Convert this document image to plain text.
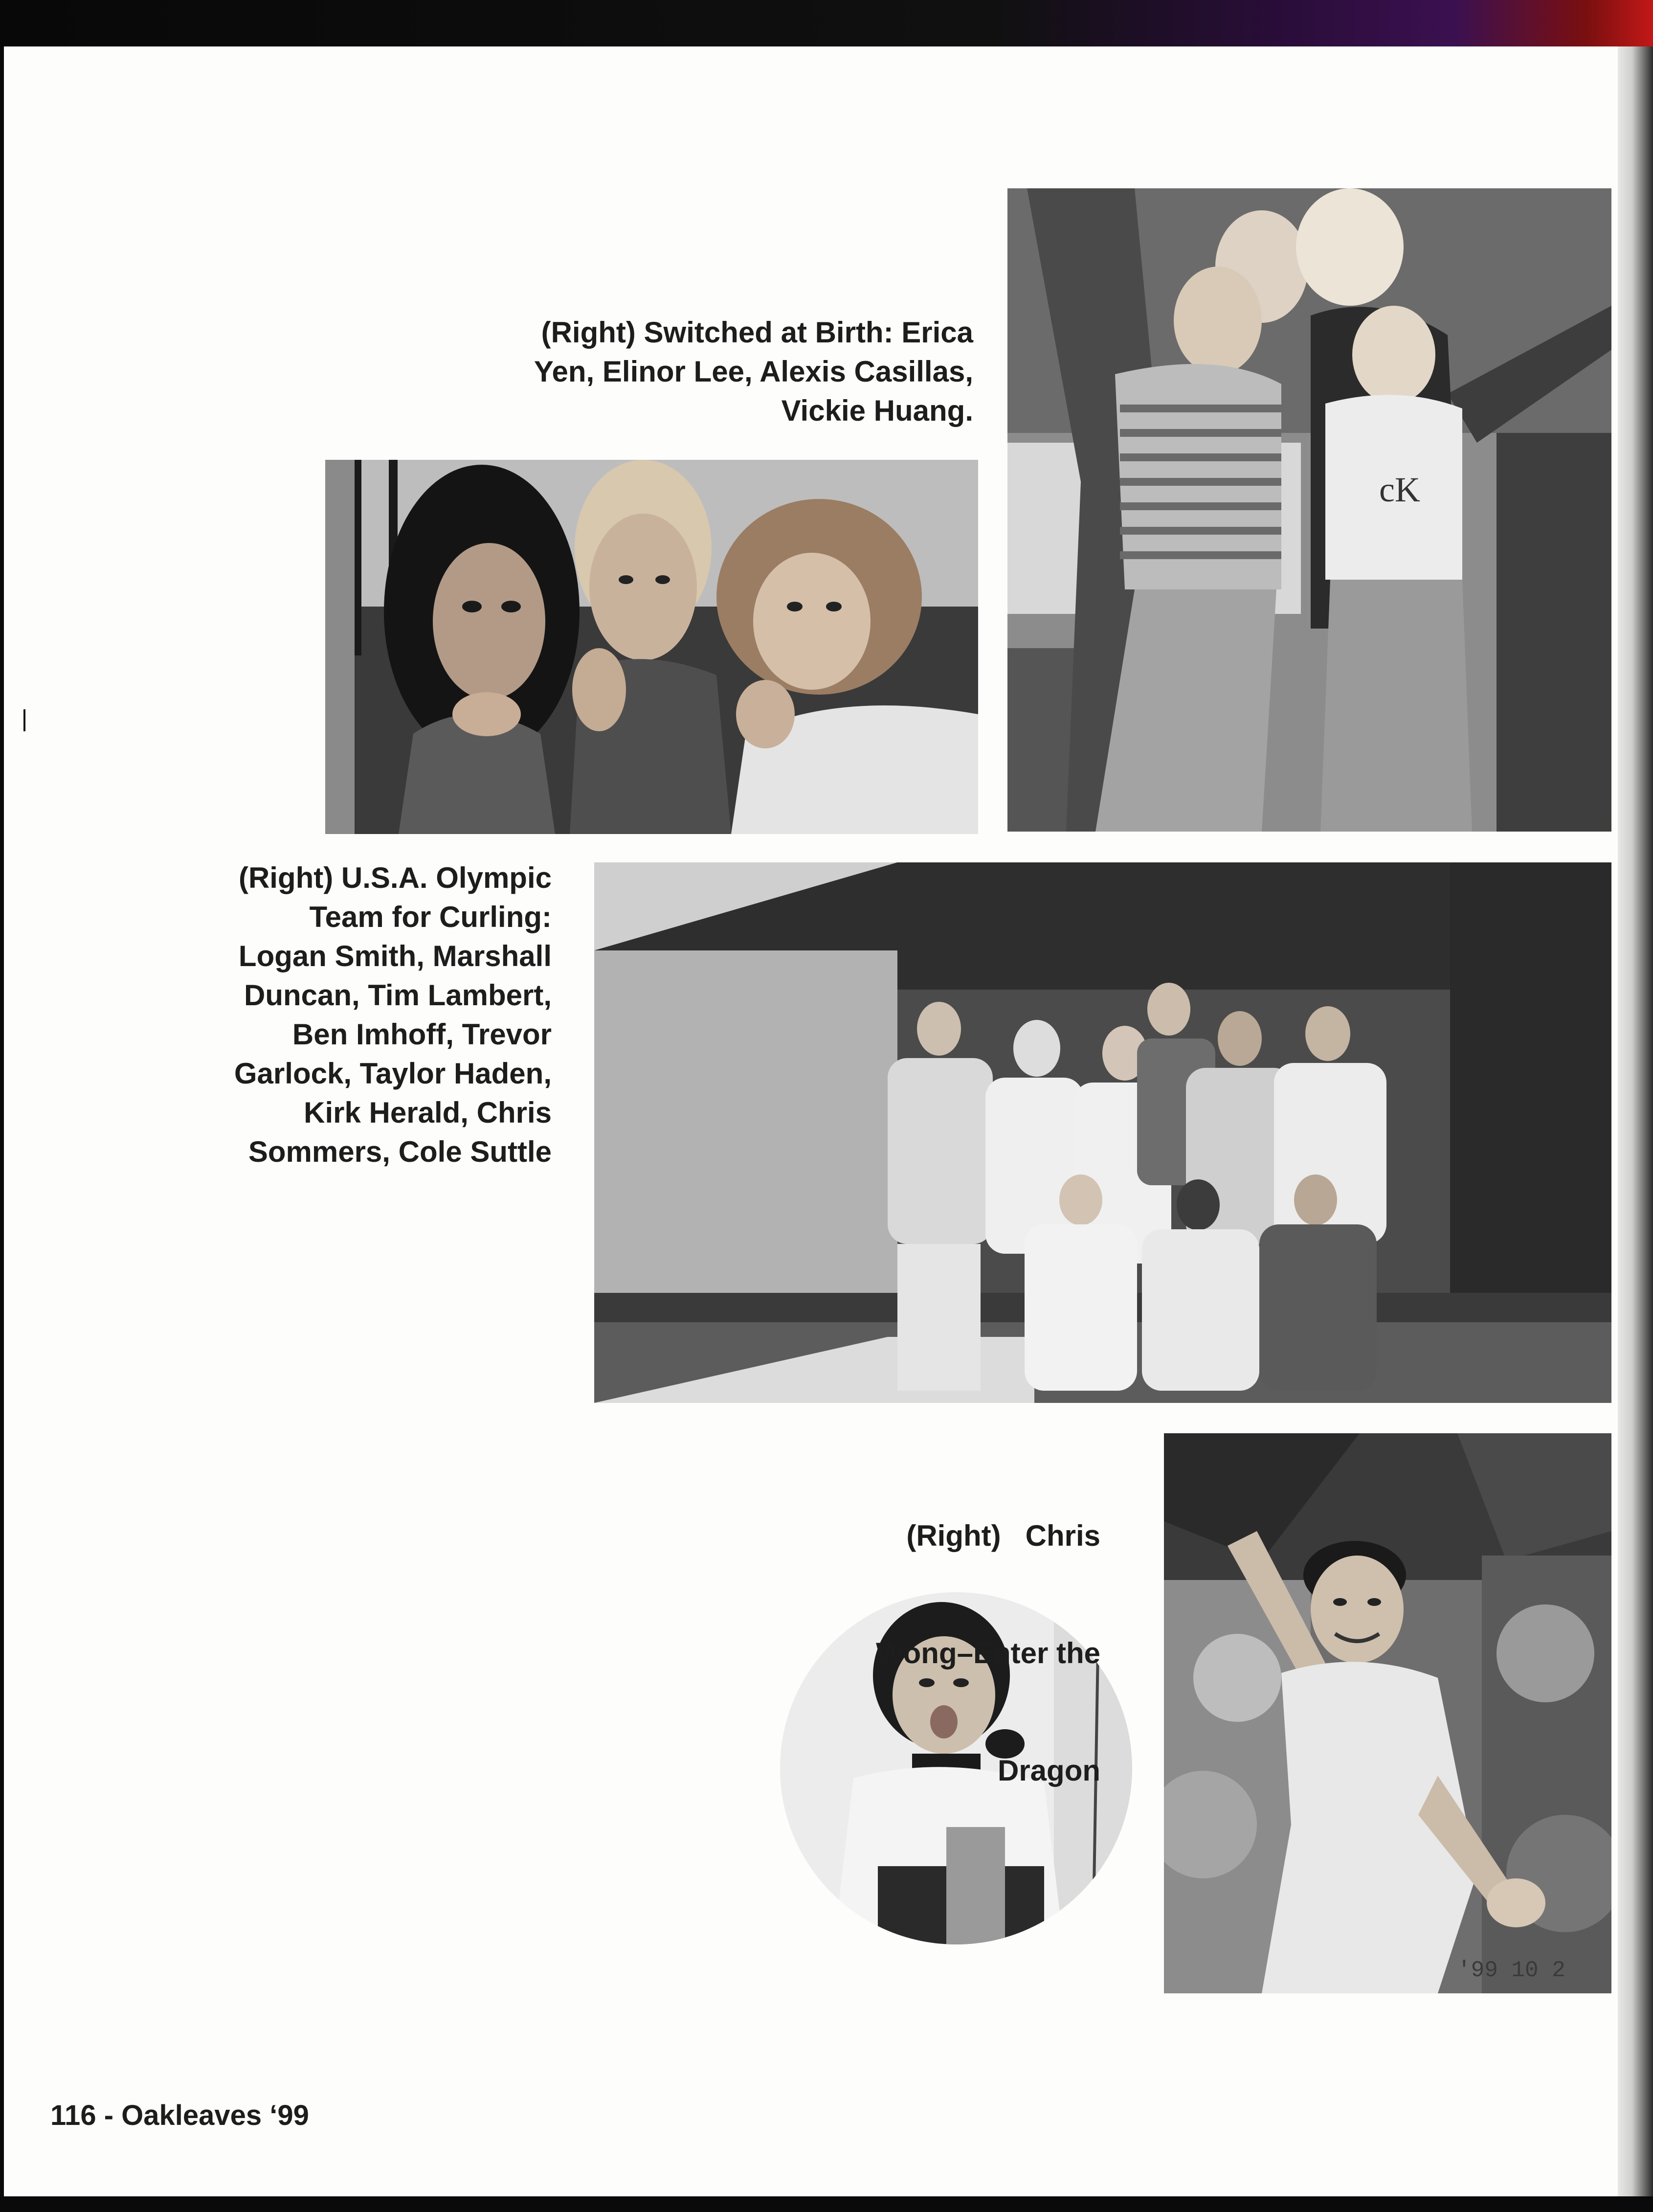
cK
'99 10 2
(Right) Switched at Birth: Erica
Yen, Elinor Lee, Alexis Casillas,
Vickie Huang.
(Right) U.S.A. Olympic
Team for Curling:
Logan Smith, Marshall
Duncan, Tim Lambert,
Ben Imhoff, Trevor
Garlock, Taylor Haden,
Kirk Herald, Chris
Sommers, Cole Suttle

(Right)   Chris

Wong–Enter the

Dragon

116 - Oakleaves ‘99
